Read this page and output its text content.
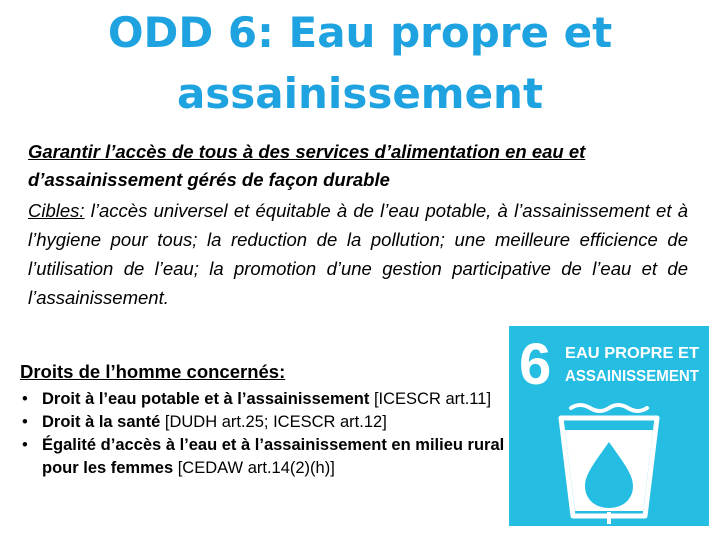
ODD 6: Eau propre et
assainissement

Garantir l’accès de tous à des services d’alimentation en eau et
d’assainissement gérés de façon durable

Cibles: l’accès universel et équitable à de l’eau potable, à l’assainissement et à l’hygiene pour tous; la reduction de la pollution; une meilleure efficience de l’utilisation de l’eau; la promotion d’une gestion participative de l’eau et de l’assainissement.

Droits de l’homme concernés:

• Droit à l’eau potable et à l’assainissement [ICESCR art.11]
• Droit à la santé [DUDH art.25; ICESCR art.12]
• Égalité d’accès à l’eau et à l’assainissement en milieu rural pour les femmes [CEDAW art.14(2)(h)]
6 EAU PROPRE ET
ASSAINISSEMENT
